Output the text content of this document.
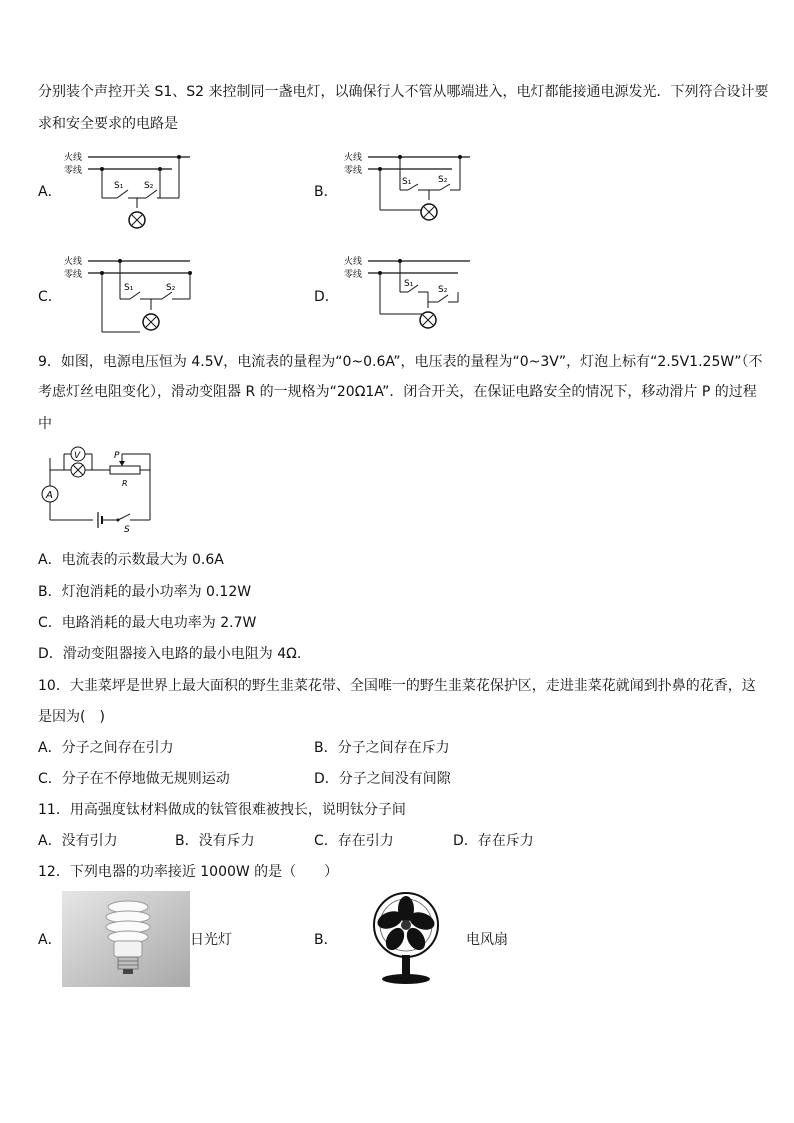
分别装个声控开关 S1、S2 来控制同一盏电灯，以确保行人不管从哪端进入，电灯都能接通电源发光．下列符合设计要
求和安全要求的电路是
A．
火线
零线
S₁ S₂	B．
火线
零线
S₁	S₂
C．
火线
零线
S₁	S₂
D．
火线
零线
S₁
S₂
9．如图，电源电压恒为 4.5V，电流表的量程为“0~0.6A”，电压表的量程为“0~3V”，灯泡上标有“2.5V1.25W”（不
考虑灯丝电阻变化），滑动变阻器 R 的一规格为“20Ω1A”．闭合开关，在保证电路安全的情况下，移动滑片 P 的过程
中
S
A
V	P
R
A．电流表的示数最大为 0.6A
B．灯泡消耗的最小功率为 0.12W
C．电路消耗的最大电功率为 2.7W
D．滑动变阻器接入电路的最小电阻为 4Ω.
10．大韭菜坪是世界上最大面积的野生韭菜花带、全国唯一的野生韭菜花保护区，走进韭菜花就闻到扑鼻的花香，这
是因为(　)
A．分子之间存在引力	B．分子之间存在斥力
C．分子在不停地做无规则运动	D．分子之间没有间隙
11．用高强度钛材料做成的钛管很难被拽长，说明钛分子间
A．没有引力	B．没有斥力	C．存在引力	D．存在斥力
12．下列电器的功率接近 1000W 的是（　　）
A．	日光灯	B．	电风扇
